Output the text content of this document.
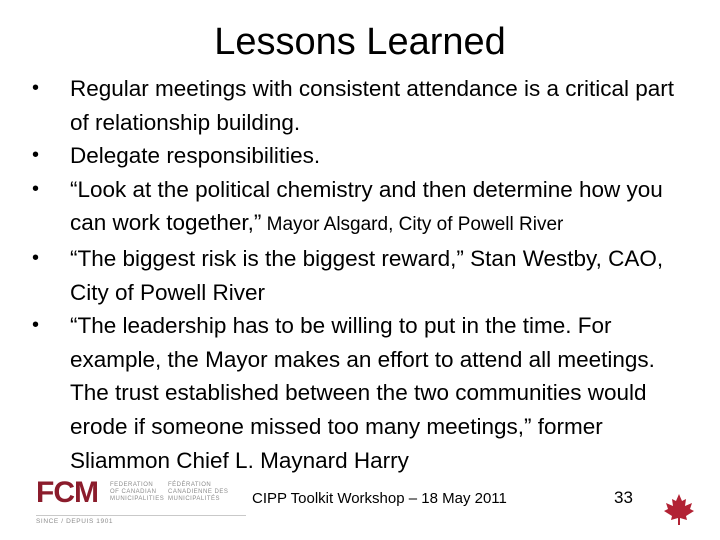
Lessons Learned
• Regular meetings with consistent attendance is a critical part of relationship building.
• Delegate responsibilities.
• “Look at the political chemistry and then determine how you can work together,” Mayor Alsgard, City of Powell River
• “The biggest risk is the biggest reward,” Stan Westby, CAO, City of Powell River
• “The leadership has to be willing to put in the time. For example, the Mayor makes an effort to attend all meetings. The trust established between the two communities would erode if someone missed too many meetings,” former Sliammon Chief L. Maynard Harry
FCM FEDERATION
OF CANADIAN
MUNICIPALITIES
FÉDÉRATION
CANADIENNE DES
MUNICIPALITÉS
SINCE / DEPUIS 1901
CIPP Toolkit Workshop – 18 May 2011	33
